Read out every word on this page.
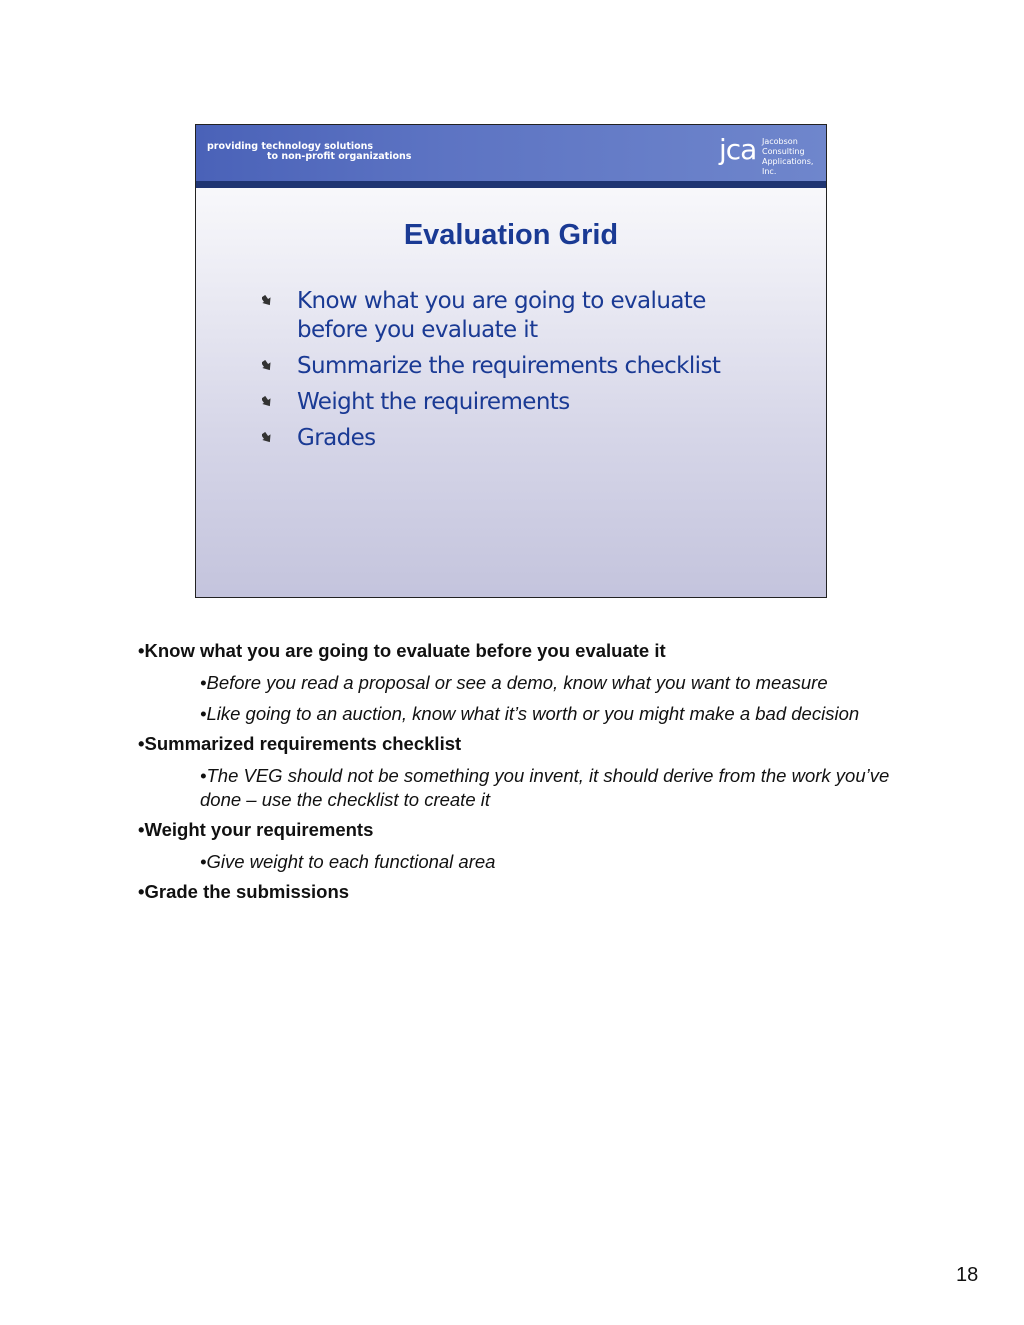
providing technology solutions
to non-profit organizations	jca Jacobson
Consulting
Applications, Inc.
Evaluation Grid
Know what you are going to evaluate before you evaluate it
Summarize the requirements checklist
Weight the requirements
Grades
•Know what you are going to evaluate before you evaluate it
•Before you read a proposal or see a demo, know what you want to measure
•Like going to an auction, know what it’s worth or you might make a bad decision
•Summarized requirements checklist
•The VEG should not be something you invent, it should derive from the work you’ve done – use the checklist to create it
•Weight your requirements
•Give weight to each functional area
•Grade the submissions
18
